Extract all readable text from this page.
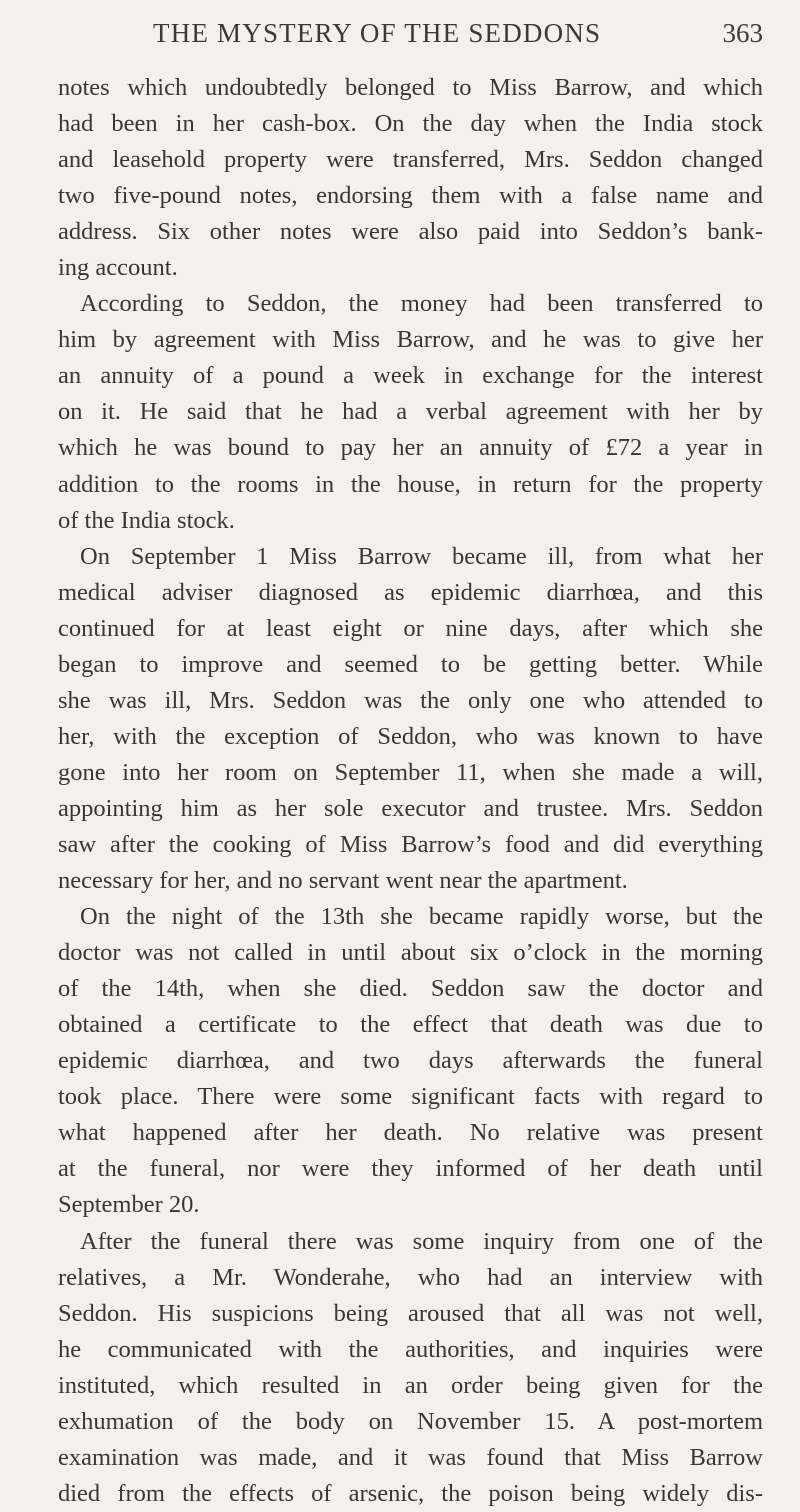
THE MYSTERY OF THE SEDDONS	363
notes which undoubtedly belonged to Miss Barrow, and which
had been in her cash-box. On the day when the India stock
and leasehold property were transferred, Mrs. Seddon changed
two five-pound notes, endorsing them with a false name and
address. Six other notes were also paid into Seddon’s bank-
ing account.
According to Seddon, the money had been transferred to
him by agreement with Miss Barrow, and he was to give her
an annuity of a pound a week in exchange for the interest
on it. He said that he had a verbal agreement with her by
which he was bound to pay her an annuity of £72 a year in
addition to the rooms in the house, in return for the property
of the India stock.
On September 1 Miss Barrow became ill, from what her
medical adviser diagnosed as epidemic diarrhœa, and this
continued for at least eight or nine days, after which she
began to improve and seemed to be getting better. While
she was ill, Mrs. Seddon was the only one who attended to
her, with the exception of Seddon, who was known to have
gone into her room on September 11, when she made a will,
appointing him as her sole executor and trustee. Mrs. Seddon
saw after the cooking of Miss Barrow’s food and did everything
necessary for her, and no servant went near the apartment.
On the night of the 13th she became rapidly worse, but the
doctor was not called in until about six o’clock in the morning
of the 14th, when she died. Seddon saw the doctor and
obtained a certificate to the effect that death was due to
epidemic diarrhœa, and two days afterwards the funeral
took place. There were some significant facts with regard to
what happened after her death. No relative was present
at the funeral, nor were they informed of her death until
September 20.
After the funeral there was some inquiry from one of the
relatives, a Mr. Wonderahe, who had an interview with
Seddon. His suspicions being aroused that all was not well,
he communicated with the authorities, and inquiries were
instituted, which resulted in an order being given for the
exhumation of the body on November 15. A post-mortem
examination was made, and it was found that Miss Barrow
died from the effects of arsenic, the poison being widely dis-
